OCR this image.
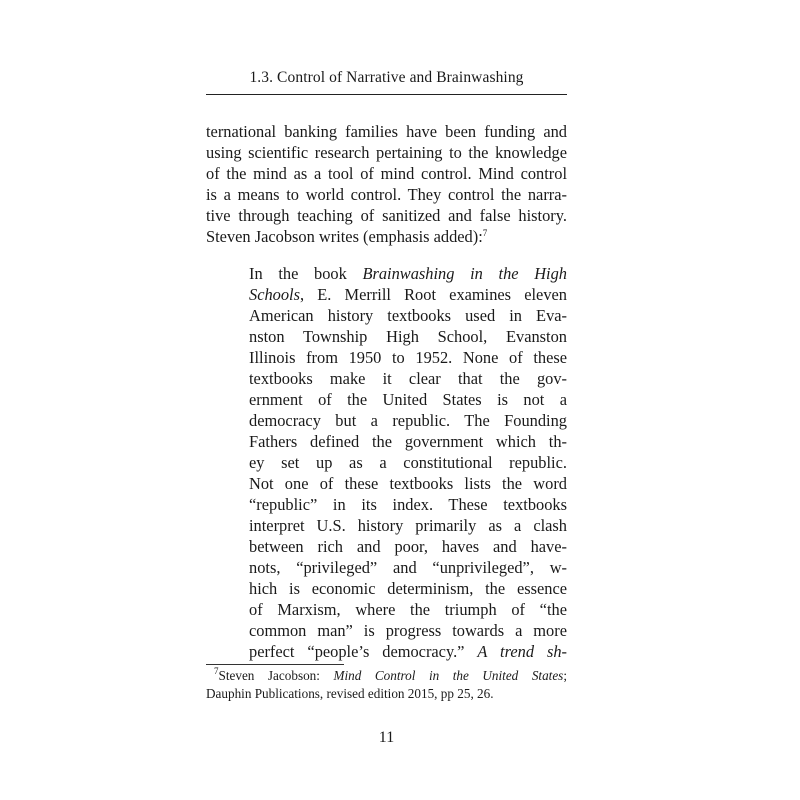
1.3. Control of Narrative and Brainwashing
ternational banking families have been funding and
using scientific research pertaining to the knowledge
of the mind as a tool of mind control. Mind control
is a means to world control. They control the narra-
tive through teaching of sanitized and false history.
Steven Jacobson writes (emphasis added):$^7$
In the book Brainwashing in the High
Schools, E. Merrill Root examines eleven
American history textbooks used in Eva-
nston Township High School, Evanston
Illinois from 1950 to 1952. None of these
textbooks make it clear that the gov-
ernment of the United States is not a
democracy but a republic. The Founding
Fathers defined the government which th-
ey set up as a constitutional republic.
Not one of these textbooks lists the word
“republic” in its index. These textbooks
interpret U.S. history primarily as a clash
between rich and poor, haves and have-
nots, “privileged” and “unprivileged”, w-
hich is economic determinism, the essence
of Marxism, where the triumph of “the
common man” is progress towards a more
perfect “people’s democracy.” A trend sh-
$^7$Steven Jacobson: Mind Control in the United States;
Dauphin Publications, revised edition 2015, pp 25, 26.
11
